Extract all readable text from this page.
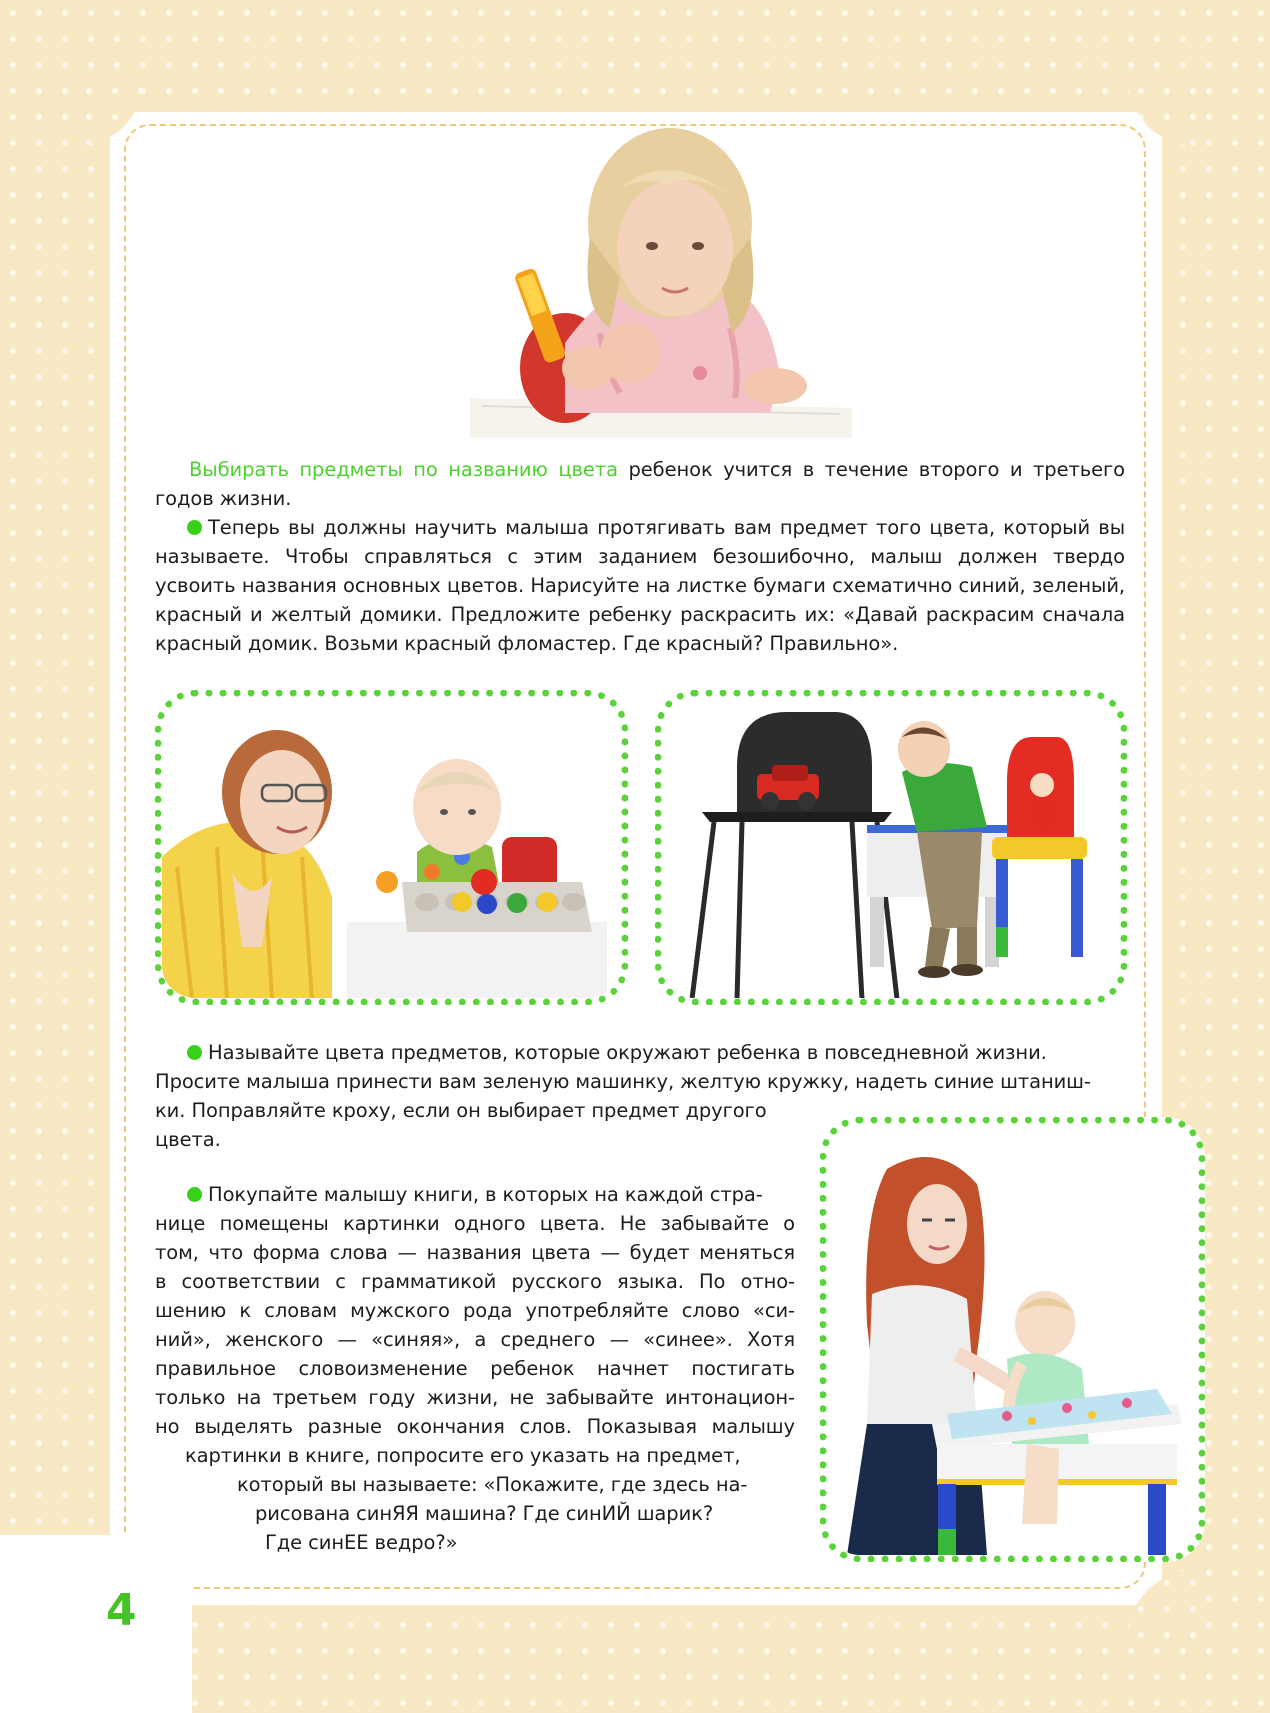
4
Выбирать предметы по названию цвета ребенок учится в течение второго и третьего годов жизни.
Теперь вы должны научить малыша протягивать вам предмет того цвета, который вы называете. Чтобы справляться с этим заданием безошибочно, малыш должен твердо усвоить названия основных цветов. Нарисуйте на листке бумаги схематично синий, зеленый, красный и желтый домики. Предложите ребенку раскрасить их: «Давай раскрасим сначала красный домик. Возьми красный фломастер. Где красный? Правильно».

Называйте цвета предметов, которые окружают ребенка в повседневной жизни.

Просите малыша принести вам зеленую машинку, желтую кружку, надеть синие штаниш-

ки. Поправляйте кроху, если он выбирает предмет другого

цвета.

Покупайте малышу книги, в которых на каждой стра-

нице помещены картинки одного цвета. Не забывайте о

том, что форма слова — названия цвета — будет меняться

в соответствии с грамматикой русского языка. По отно-

шению к словам мужского рода употребляйте слово «си-

ний», женского — «синяя», а среднего — «синее». Хотя

правильное словоизменение ребенок начнет постигать

только на третьем году жизни, не забывайте интонацион-

но выделять разные окончания слов. Показывая малышу

картинки в книге, попросите его указать на предмет,

который вы называете: «Покажите, где здесь на-

рисована синЯЯ машина? Где синИЙ шарик?

Где синЕЕ ведро?»
